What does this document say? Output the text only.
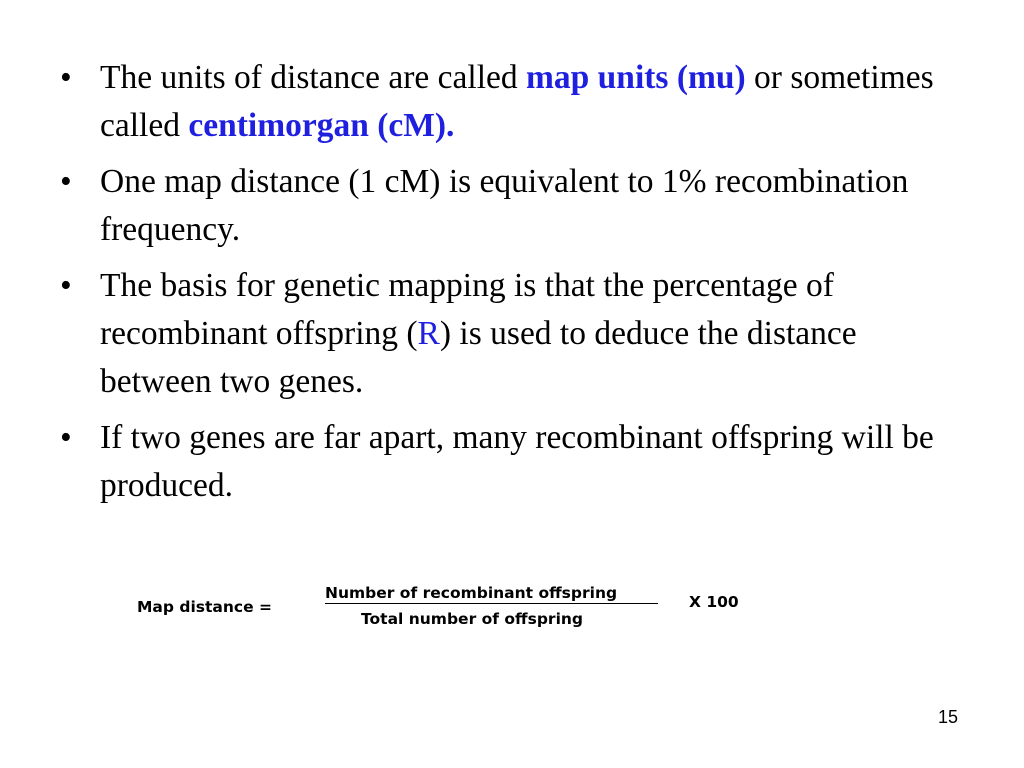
• The units of distance are called map units (mu) or sometimes called centimorgan (cM).
• One map distance (1 cM) is equivalent to 1% recombination frequency.
• The basis for genetic mapping is that the percentage of recombinant offspring (R) is used to deduce the distance between two genes.
• If two genes are far apart, many recombinant offspring will be produced.
Map distance =
Number of recombinant offspring
Total number of offspring
X 100
15
